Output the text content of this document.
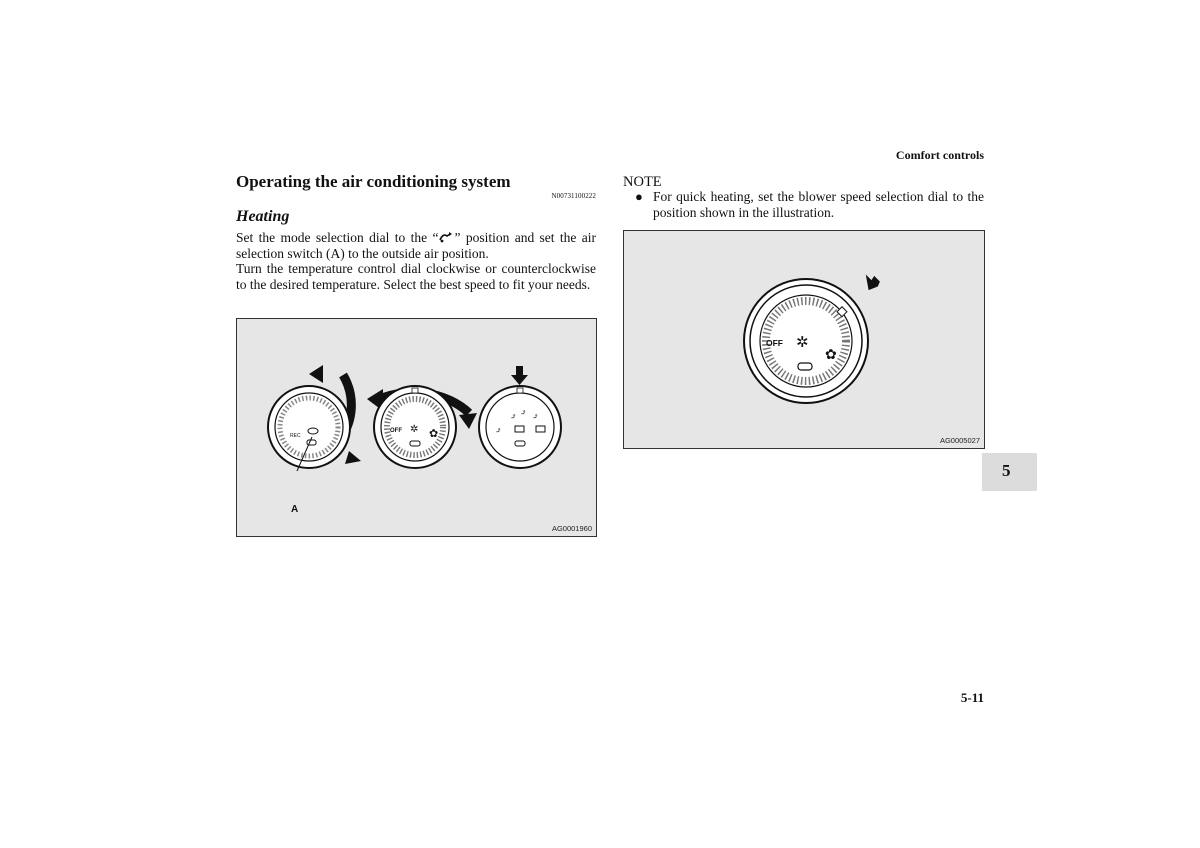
Comfort controls
Operating the air conditioning system
N00731100222
Heating
Set the mode selection dial to the “ ” position and set the air selection switch (A) to the outside air position.
Turn the temperature control dial clockwise or counterclockwise to the desired temperature. Select the best speed to fit your needs.
REC
A
OFF ✲ ✿
⤴ ⤴ ⤴
⤴
AG0001960
NOTE
● For quick heating, set the blower speed selection dial to the position shown in the illustration.
OFF ✲
✿
AG0005027
5
5-11
